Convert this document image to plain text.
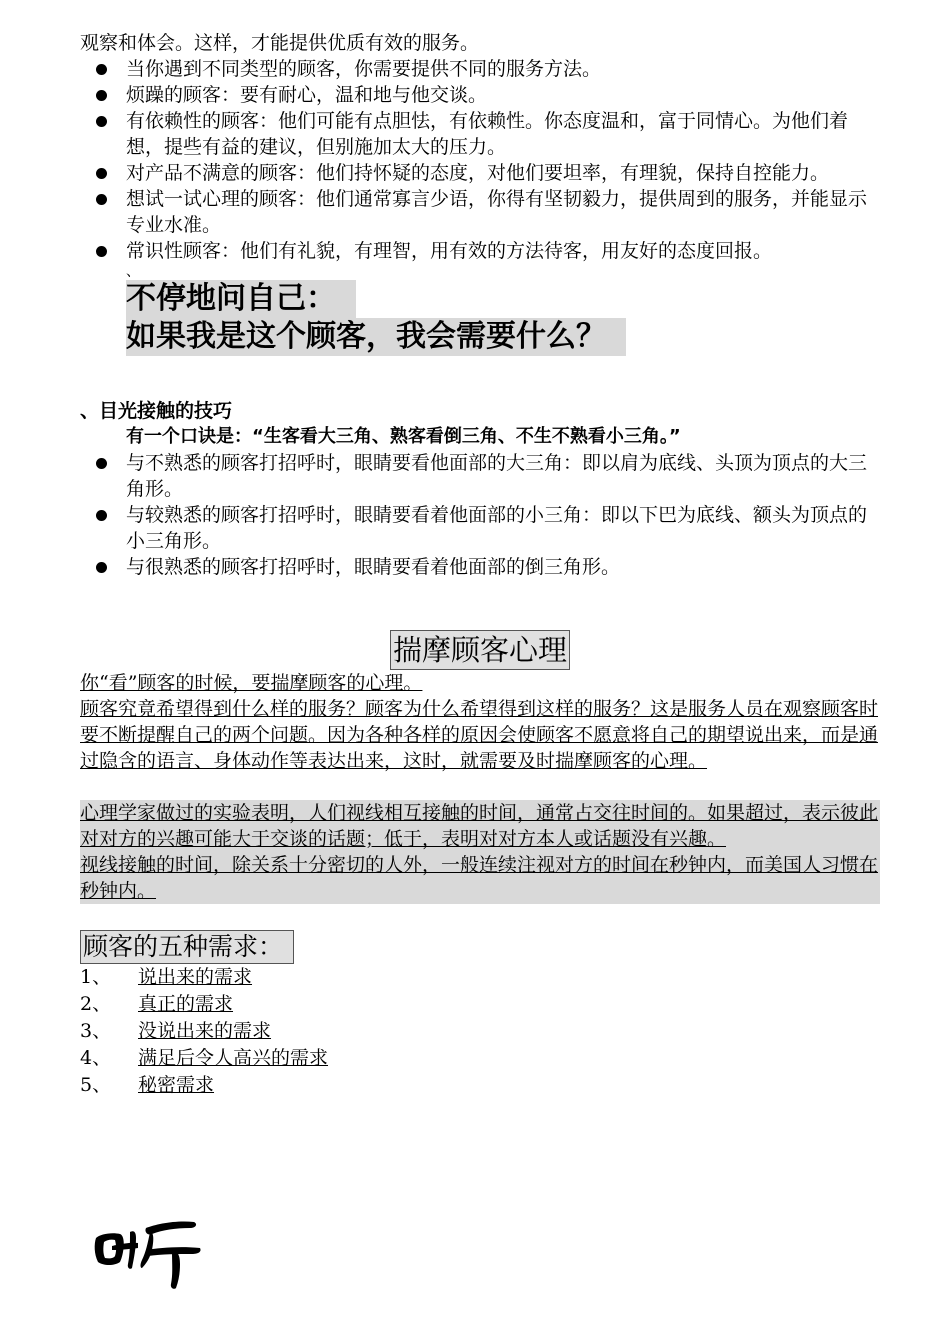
观察和体会。这样，才能提供优质有效的服务。

当你遇到不同类型的顾客，你需要提供不同的服务方法。
烦躁的顾客：要有耐心，温和地与他交谈。
有依赖性的顾客：他们可能有点胆怯，有依赖性。你态度温和，富于同情心。为他们着想，提些有益的建议，但别施加太大的压力。
对产品不满意的顾客：他们持怀疑的态度，对他们要坦率，有理貌，保持自控能力。
想试一试心理的顾客：他们通常寡言少语，你得有坚韧毅力，提供周到的服务，并能显示专业水准。
常识性顾客：他们有礼貌，有理智，用有效的方法待客，用友好的态度回报。

、

不停地问自己：
如果我是这个顾客，我会需要什么？

、目光接触的技巧

有一个口诀是：“生客看大三角、熟客看倒三角、不生不熟看小三角。”

与不熟悉的顾客打招呼时，眼睛要看他面部的大三角：即以肩为底线、头顶为顶点的大三角形。
与较熟悉的顾客打招呼时，眼睛要看着他面部的小三角：即以下巴为底线、额头为顶点的小三角形。
与很熟悉的顾客打招呼时，眼睛要看着他面部的倒三角形。
揣摩顾客心理

你“看”顾客的时候，要揣摩顾客的心理。

顾客究竟希望得到什么样的服务？顾客为什么希望得到这样的服务？这是服务人员在观察顾客时要不断提醒自己的两个问题。因为各种各样的原因会使顾客不愿意将自己的期望说出来，而是通过隐含的语言、身体动作等表达出来，这时，就需要及时揣摩顾客的心理。

心理学家做过的实验表明，人们视线相互接触的时间，通常占交往时间的。如果超过，表示彼此对对方的兴趣可能大于交谈的话题；低于，表明对对方本人或话题没有兴趣。

视线接触的时间，除关系十分密切的人外，一般连续注视对方的时间在秒钟内，而美国人习惯在秒钟内。

顾客的五种需求：
1、 说出来的需求
2、 真正的需求
3、 没说出来的需求
4、 满足后令人高兴的需求
5、 秘密需求
